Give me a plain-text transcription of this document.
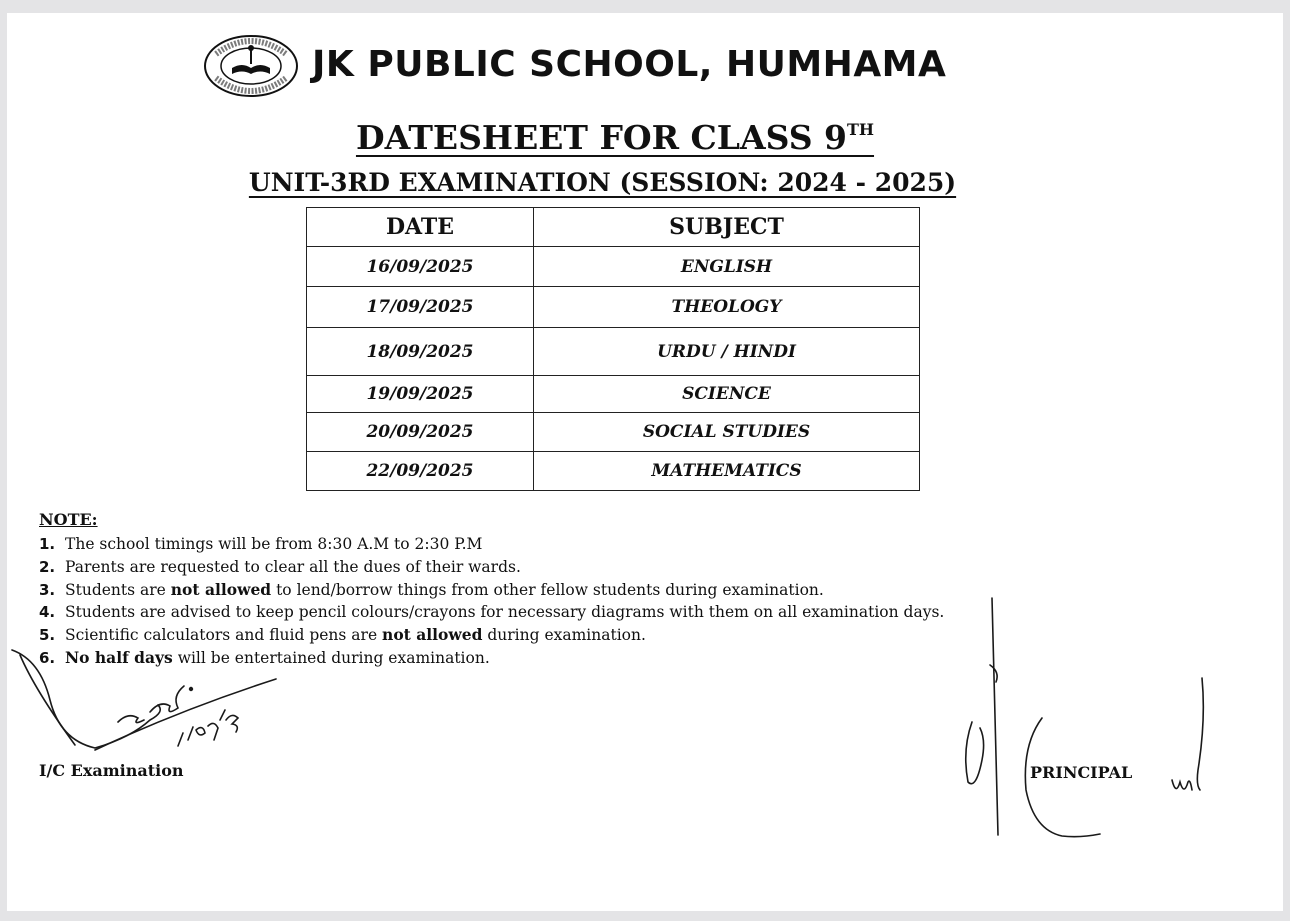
JK PUBLIC SCHOOL, HUMHAMA
DATESHEET FOR CLASS 9TH
UNIT-3RD EXAMINATION (SESSION: 2024 - 2025)
DATE	SUBJECT
16/09/2025	ENGLISH
17/09/2025	THEOLOGY
18/09/2025	URDU / HINDI
19/09/2025	SCIENCE
20/09/2025	SOCIAL STUDIES
22/09/2025	MATHEMATICS
NOTE:
1. The school timings will be from 8:30 A.M to 2:30 P.M
2. Parents are requested to clear all the dues of their wards.
3. Students are not allowed to lend/borrow things from other fellow students during examination.
4. Students are advised to keep pencil colours/crayons for necessary diagrams with them on all examination days.
5. Scientific calculators and fluid pens are not allowed during examination.
6. No half days will be entertained during examination.
I/C Examination	PRINCIPAL
